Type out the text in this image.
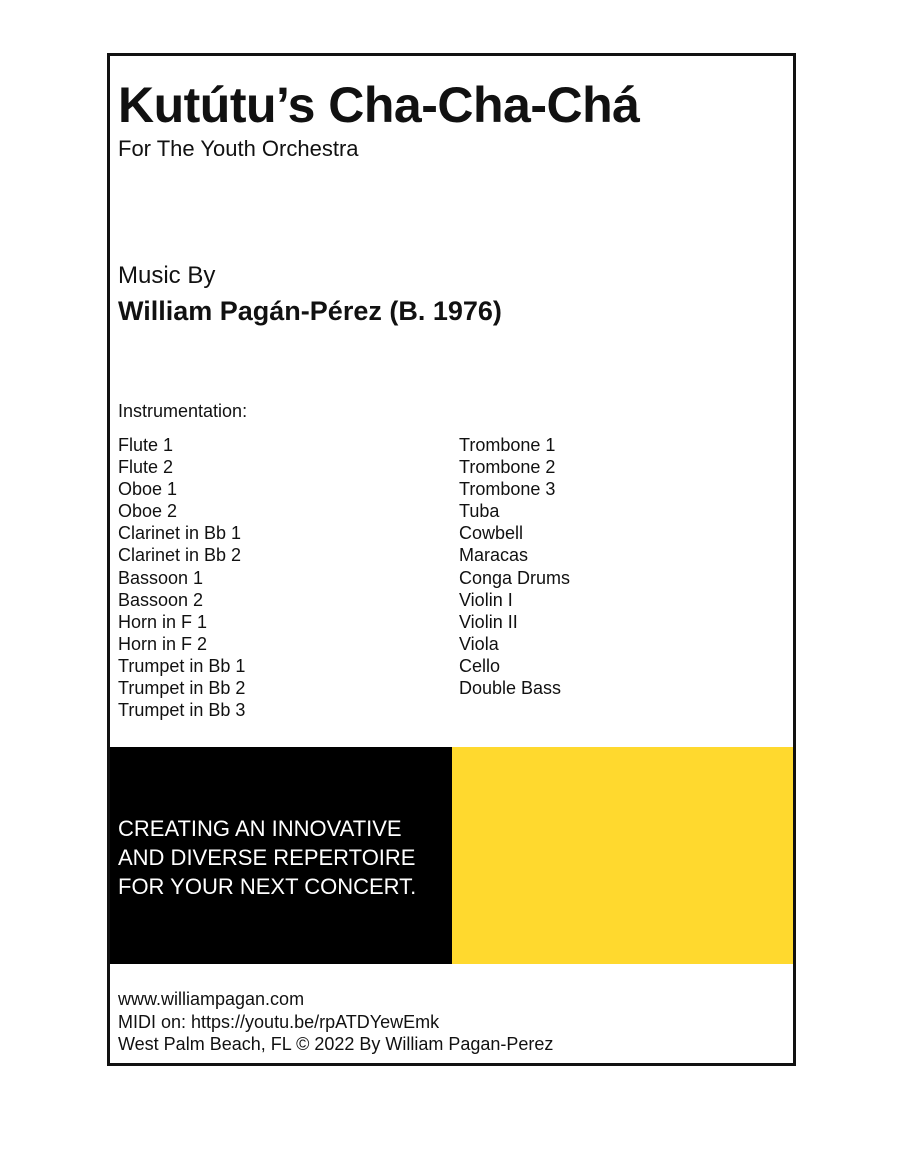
Kutútu’s Cha-Cha-Chá

For The Youth Orchestra

Music By
William Pagán-Pérez (B. 1976)
Instrumentation:
Flute 1
Flute 2
Oboe 1
Oboe 2
Clarinet in Bb 1
Clarinet in Bb 2
Bassoon 1
Bassoon 2
Horn in F 1
Horn in F 2
Trumpet in Bb 1
Trumpet in Bb 2
Trumpet in Bb 3
Trombone 1
Trombone 2
Trombone 3
Tuba
Cowbell
Maracas
Conga Drums
Violin I
Violin II
Viola
Cello
Double Bass
CREATING AN INNOVATIVE
AND DIVERSE REPERTOIRE
FOR YOUR NEXT CONCERT.
www.williampagan.com
MIDI on: https://youtu.be/rpATDYewEmk
West Palm Beach, FL © 2022 By William Pagan-Perez
